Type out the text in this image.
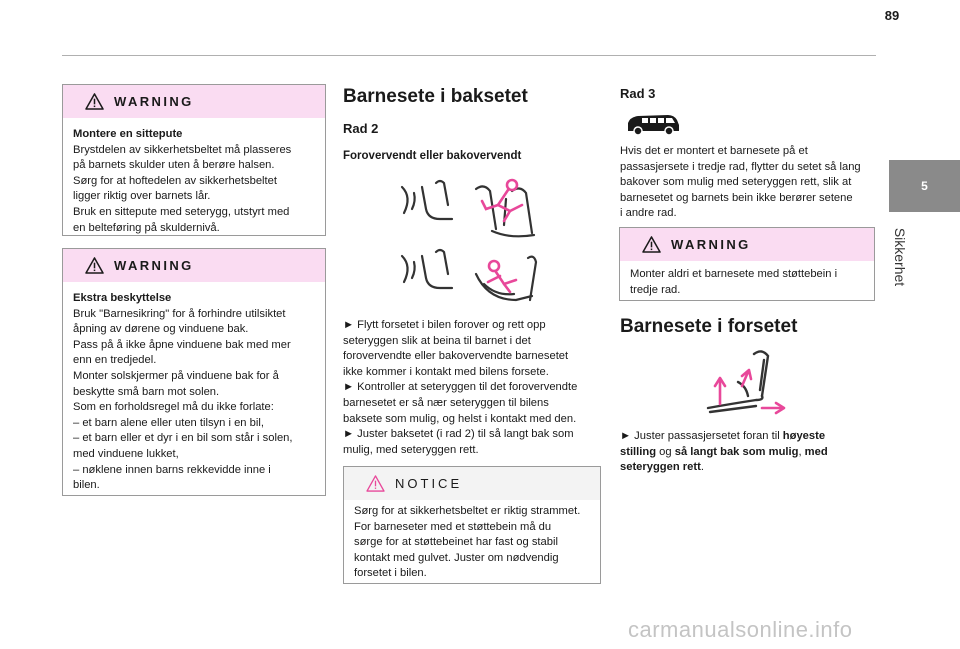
89
5
Sikkerhet
WARNING

Montere en sittepute

Brystdelen av sikkerhetsbeltet må plasseres

på barnets skulder uten å berøre halsen.

Sørg for at hoftedelen av sikkerhetsbeltet

ligger riktig over barnets lår.

Bruk en sittepute med seterygg, utstyrt med

en belteføring på skuldernivå.

WARNING

Ekstra beskyttelse

Bruk "Barnesikring" for å forhindre utilsiktet

åpning av dørene og vinduene bak.

Pass på å ikke åpne vinduene bak med mer

enn en tredjedel.

Monter solskjermer på vinduene bak for å

beskytte små barn mot solen.

Som en forholdsregel må du ikke forlate:

– et barn alene eller uten tilsyn i en bil,

– et barn eller et dyr i en bil som står i solen,

med vinduene lukket,

– nøklene innen barns rekkevidde inne i

bilen.

Barnesete i baksetet
Rad 2
Forovervendt eller bakovervendt

► Flytt forsetet i bilen forover og rett opp

seteryggen slik at beina til barnet i det

forovervendte eller bakovervendte barnesetet

ikke kommer i kontakt med bilens forsete.

► Kontroller at seteryggen til det forovervendte

barnesetet er så nær seteryggen til bilens

baksete som mulig, og helst i kontakt med den.

► Juster baksetet (i rad 2) til så langt bak som

mulig, med seteryggen rett.

NOTICE

Sørg for at sikkerhetsbeltet er riktig strammet.

For barneseter med et støttebein må du

sørge for at støttebeinet har fast og stabil

kontakt med gulvet. Juster om nødvendig

forsetet i bilen.

Rad 3

Hvis det er montert et barnesete på et

passasjersete i tredje rad, flytter du setet så lang

bakover som mulig med seteryggen rett, slik at

barnesetet og barnets bein ikke berører setene

i andre rad.

WARNING

Monter aldri et barnesete med støttebein i

tredje rad.

Barnesete i forsetet

► Juster passasjersetet foran til høyeste

stilling og så langt bak som mulig, med

seteryggen rett.

carmanualsonline.info
